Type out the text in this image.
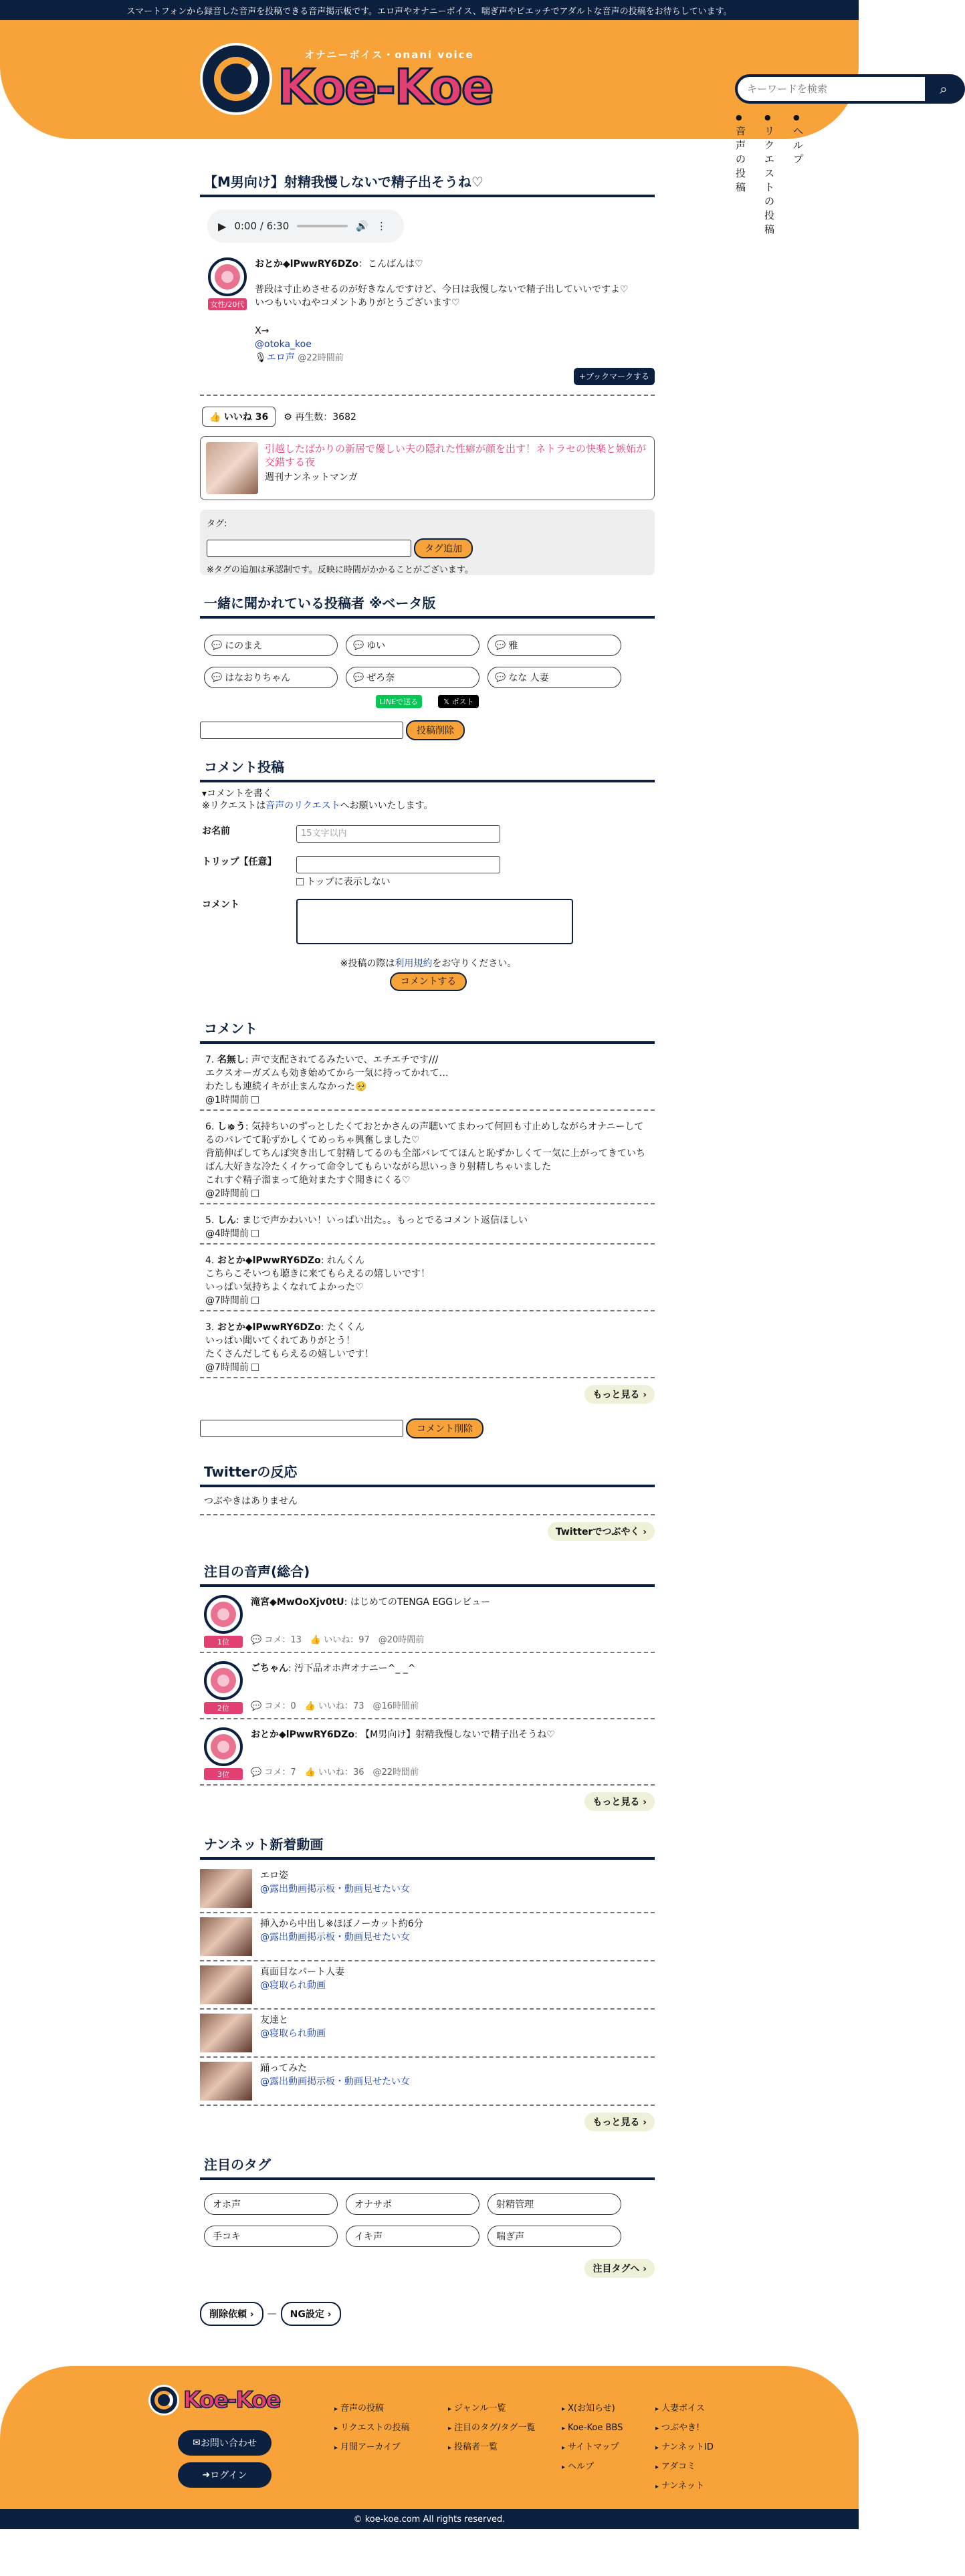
スマートフォンから録音した音声を投稿できる音声掲示板です。エロ声やオナニーボイス、喘ぎ声やピエッチでアダルトな音声の投稿をお待ちしています。
オナニーボイス・onani voice
Koe-Koe
キーワードを検索	⌕
● 音声の投稿
● リクエストの投稿
● ヘルプ
【M男向け】射精我慢しないで精子出そうね♡
▶ 0:00 / 6:30	🔊 ⋮
女性/20代
おとか◆lPwwRY6DZo：こんばんは♡
普段は寸止めさせるのが好きなんですけど、今日は我慢しないで精子出していいですよ♡
いつもいいねやコメントありがとうございます♡
X→
@otoka_koe
🎙エロ声 @22時間前
+ブックマークする
👍 いいね 36	⚙ 再生数：3682
引越したばかりの新居で優しい夫の隠れた性癖が顔を出す！ネトラセの快楽と嫉妬が交錯する夜
週刊ナンネットマンガ
タグ:
タグ追加
※タグの追加は承認制です。反映に時間がかかることがございます。
一緒に聞かれている投稿者 ※ベータ版
💬 にのまえ	💬 ゆい	💬 雅
💬 はなおりちゃん	💬 ぜろ奈	💬 なな 人妻
LINEで送る	𝕏 ポスト
投稿削除
コメント投稿
▾コメントを書く
※リクエストは音声のリクエストへお願いいたします。
お名前	15文字以内
トリップ【任意】
トップに表示しない
コメント
※投稿の際は利用規約をお守りください。
コメントする
コメント
7. 名無し: 声で支配されてるみたいで、エチエチです///
エクスオーガズムも効き始めてから一気に持ってかれて…
わたしも連続イキが止まんなかった🥺
@1時間前
6. しゅう: 気持ちいのずっとしたくておとかさんの声聴いてまわって何回も寸止めしながらオナニーしてるのバレてて恥ずかしくてめっちゃ興奮しました♡
背筋伸ばしてちんぽ突き出して射精してるのも全部バレててほんと恥ずかしくて一気に上がってきていちばん大好きな冷たくイケって命令してもらいながら思いっきり射精しちゃいました
これすぐ精子溜まって絶対またすぐ聞きにくる♡
@2時間前
5. しん: まじで声かわいい！いっぱい出た。。もっとでるコメント返信ほしい
@4時間前
4. おとか◆lPwwRY6DZo: れんくん
こちらこそいつも聴きに来てもらえるの嬉しいです！
いっぱい気持ちよくなれてよかった♡
@7時間前
3. おとか◆lPwwRY6DZo: たくくん
いっぱい聞いてくれてありがとう！
たくさんだしてもらえるの嬉しいです！
@7時間前
もっと見る ›
コメント削除
Twitterの反応
つぶやきはありません
Twitterでつぶやく ›
注目の音声(総合)
1位
滝宮◆MwOoXjv0tU: はじめてのTENGA EGGレビュー
💬 コメ：13　👍 いいね：97　 @20時間前
2位
ごちゃん: 汚下品オホ声オナニー^_ _^
💬 コメ：0　👍 いいね：73　 @16時間前
3位
おとか◆lPwwRY6DZo: 【M男向け】射精我慢しないで精子出そうね♡
💬 コメ：7　👍 いいね：36　 @22時間前
もっと見る ›
ナンネット新着動画
エロ姿
@露出動画掲示板・動画見せたい女
挿入から中出し※ほぼノーカット約6分
@露出動画掲示板・動画見せたい女
真面目なパート人妻
@寝取られ動画
友達と
@寝取られ動画
踊ってみた
@露出動画掲示板・動画見せたい女
もっと見る ›
注目のタグ
オホ声	オナサポ	射精管理
手コキ	イキ声	喘ぎ声
注目タグへ ›
削除依頼 ›	—	NG設定 ›
Koe-Koe
✉ お問い合わせ
➜ ログイン
▸ 音声の投稿
▸ リクエストの投稿
▸ 月間アーカイブ
▸ ジャンル一覧
▸ 注目のタグ/タグ一覧
▸ 投稿者一覧
▸ X(お知らせ)
▸ Koe-Koe BBS
▸ サイトマップ
▸ ヘルプ
▸ 人妻ボイス
▸ つぶやき!
▸ ナンネットID
▸ アダコミ
▸ ナンネット
© koe-koe.com All rights reserved.
